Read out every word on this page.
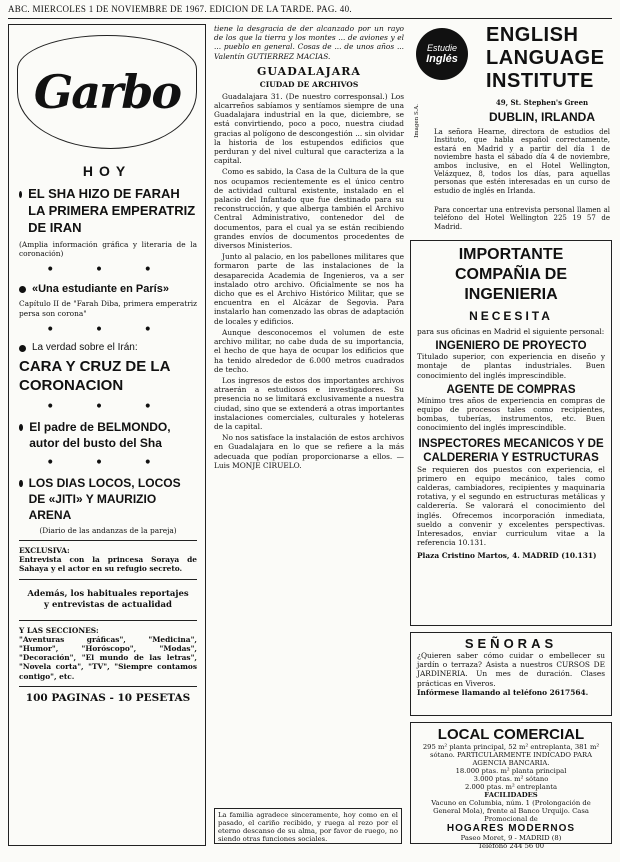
ABC. MIERCOLES 1 DE NOVIEMBRE DE 1967. EDICION DE LA TARDE. PAG. 40.
Garbo
HOY
EL SHA HIZO DE FARAH LA PRIMERA EMPERATRIZ DE IRAN
(Amplia información gráfica y literaria de la coronación)
• • •
«Una estudiante en París»
Capítulo II de "Farah Diba, primera emperatriz persa son corona"
• • •
La verdad sobre el Irán:
CARA Y CRUZ DE LA CORONACION
• • •
El padre de BELMONDO, autor del busto del Sha
• • •
LOS DIAS LOCOS, LOCOS DE «JITI» Y MAURIZIO ARENA
(Diario de las andanzas de la pareja)
EXCLUSIVA:
Entrevista con la princesa Soraya de Sahaya y el actor en su refugio secreto.
Además, los habituales reportajes y entrevistas de actualidad
Y LAS SECCIONES:
"Aventuras gráficas", "Medicina", "Humor", "Horóscopo", "Modas", "Decoración", "El mundo de las letras", "Novela corta", "TV", "Siempre contamos contigo", etc.
100 PAGINAS - 10 PESETAS
tiene la desgracia de der alcanzado por un rayo de los que la tierra y los montes ... de aviones y el ... pueblo en general. Cosas de ... de unos años ... Valentín GUTIERREZ MACIAS.
GUADALAJARA
CIUDAD DE ARCHIVOS
Guadalajara 31. (De nuestro corresponsal.) Los alcarreños sabíamos y sentíamos siempre de una Guadalajara industrial en la que, diciembre, se está convirtiendo, poco a poco, nuestra ciudad gracias al polígono de descongestión ... sin olvidar la historia de los estupendos edificios que perduran y del nivel cultural que caracteriza a la capital.
Como es sabido, la Casa de la Cultura de la que nos ocupamos recientemente es el único centro de actividad cultural existente, instalado en el palacio del Infantado que fue destinado para su reconstrucción, y que alberga también el Archivo Central Administrativo, contenedor del de documentos, para el cual ya se están recibiendo grandes envíos de documentos procedentes de diversos Ministerios.
Junto al palacio, en los pabellones militares que formaron parte de las instalaciones de la desaparecida Academia de Ingenieros, va a ser instalado otro archivo. Oficialmente se nos ha dicho que es el Archivo Histórico Militar, que se encuentra en el Alcázar de Segovia. Para instalarlo han comenzado las obras de adaptación de locales y edificios.
Aunque desconocemos el volumen de este archivo militar, no cabe duda de su importancia, el hecho de que haya de ocupar los edificios que ha tenido alrededor de 6.000 metros cuadrados de techo.
Los ingresos de estos dos importantes archivos atraerán a estudiosos e investigadores. Su presencia no se limitará exclusivamente a nuestra ciudad, sino que se extenderá a otras importantes instalaciones comerciales, culturales y hoteleras de la capital.
No nos satisface la instalación de estos archivos en Guadalajara en lo que se refiere a la más adecuada que podían proporcionarse a ellos. — Luis MONJE CIRUELO.
La familia agradece sinceramente, hoy como en el pasado, el cariño recibido, y ruega al rezo por el eterno descanso de su alma, por favor de ruego, no siendo otras funciones sociales.
Estudie
Inglés
Imagen S.A.
ENGLISH
LANGUAGE
INSTITUTE
49, St. Stephen's Green
DUBLIN, IRLANDA
La señora Hearne, directora de estudios del Instituto, que habla español correctamente, estará en Madrid y a partir del día 1 de noviembre hasta el sábado día 4 de noviembre, ambos inclusive, en el Hotel Wellington, Velázquez, 8, todos los días, para aquellas personas que estén interesadas en un curso de estudio de inglés en Irlanda.
Para concertar una entrevista personal llamen al teléfono del Hotel Wellington 225 19 57 de Madrid.
IMPORTANTE COMPAÑIA DE INGENIERIA
NECESITA
para sus oficinas en Madrid el siguiente personal:
INGENIERO DE PROYECTO
Titulado superior, con experiencia en diseño y montaje de plantas industriales. Buen conocimiento del inglés imprescindible.
AGENTE DE COMPRAS
Mínimo tres años de experiencia en compras de equipo de procesos tales como recipientes, bombas, tuberías, instrumentos, etc. Buen conocimiento del inglés imprescindible.
INSPECTORES MECANICOS Y DE CALDERERIA Y ESTRUCTURAS
Se requieren dos puestos con experiencia, el primero en equipo mecánico, tales como calderas, cambiadores, recipientes y maquinaria rotativa, y el segundo en estructuras metálicas y calderería. Se valorará el conocimiento del inglés. Ofrecemos incorporación inmediata, sueldo a convenir y excelentes perspectivas. Interesados, enviar curriculum vitae a la referencia 10.131.
Plaza Cristino Martos, 4. MADRID (10.131)
SEÑORAS
¿Quieren saber cómo cuidar o embellecer su jardín o terraza? Asista a nuestros CURSOS DE JARDINERIA. Un mes de duración. Clases prácticas en Viveros.
Infórmese llamando al teléfono 2617564.
LOCAL COMERCIAL
295 m² planta principal, 52 m² entreplanta, 381 m² sótano. PARTICULARMENTE INDICADO PARA AGENCIA BANCARIA.
18.000 ptas. m² planta principal
3.000 ptas. m² sótano
2.000 ptas. m² entreplanta
FACILIDADES
Vacuno en Columbia, núm. 1 (Prolongación de General Mola), frente al Banco Urquijo. Casa Promocional de
HOGARES MODERNOS
Paseo Moret, 9 - MADRID (8)
Teléfono 244 56 00
